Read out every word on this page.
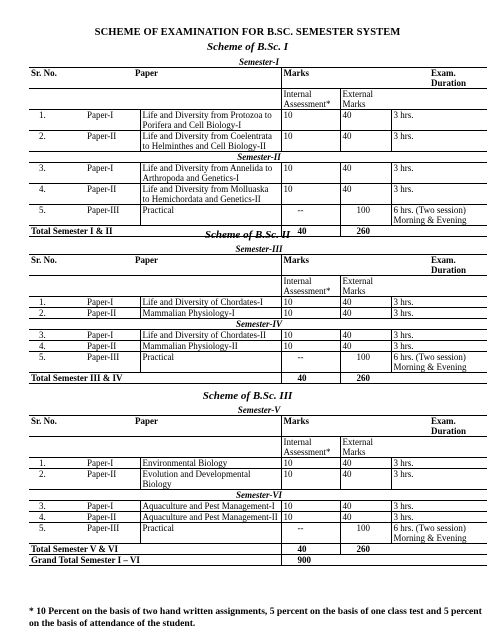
SCHEME OF EXAMINATION FOR B.SC. SEMESTER SYSTEM
Scheme of B.Sc. I
Semester-I					
Sr. No.	Paper		Marks		Exam. Duration
			Internal
Assessment*	External
Marks	
1.	Paper-I	Life and Diversity from Protozoa to
Porifera and Cell Biology-I	10	40	3 hrs.
2.	Paper-II	Life and Diversity from Coelentrata
to Helminthes and Cell Biology-II	10	40	3 hrs.
Semester-II					
3.	Paper-I	Life and Diversity from Annelida to
Arthropoda and Genetics-I	10	40	3 hrs.
4.	Paper-II	Life and Diversity from Molluaska
to Hemichordata and Genetics-II	10	40	3 hrs.
5.	Paper-III	Practical	--	100	6 hrs. (Two session)
Morning & Evening
Total Semester I & II			40	260	
Scheme of B.Sc. II
Semester-III					
Sr. No.	Paper		Marks		Exam. Duration
			Internal
Assessment*	External
Marks	
1.	Paper-I	Life and Diversity of Chordates-I	10	40	3 hrs.
2.	Paper-II	Mammalian Physiology-I	10	40	3 hrs.
Semester-IV					
3.	Paper-I	Life and Diversity of Chordates-II	10	40	3 hrs.
4.	Paper-II	Mammalian Physiology-II	10	40	3 hrs.
5.	Paper-III	Practical	--	100	6 hrs. (Two session)
Morning & Evening
Total Semester III & IV			40	260	
Scheme of B.Sc. III
Semester-V					
Sr. No.	Paper		Marks		Exam. Duration
			Internal
Assessment*	External
Marks	
1.	Paper-I	Environmental Biology	10	40	3 hrs.
2.	Paper-II	Evolution and Developmental
Biology	10	40	3 hrs.
Semester-VI					
3.	Paper-I	Aquaculture and Pest Management-I	10	40	3 hrs.
4.	Paper-II	Aquaculture and Pest Management-II	10	40	3 hrs.
5.	Paper-III	Practical	--	100	6 hrs. (Two session)
Morning & Evening
Total Semester V & VI			40	260	
Grand Total Semester I – VI			900		
* 10 Percent on the basis of two hand written assignments, 5 percent on the basis of one class test and 5 percent on the basis of attendance of the student.
